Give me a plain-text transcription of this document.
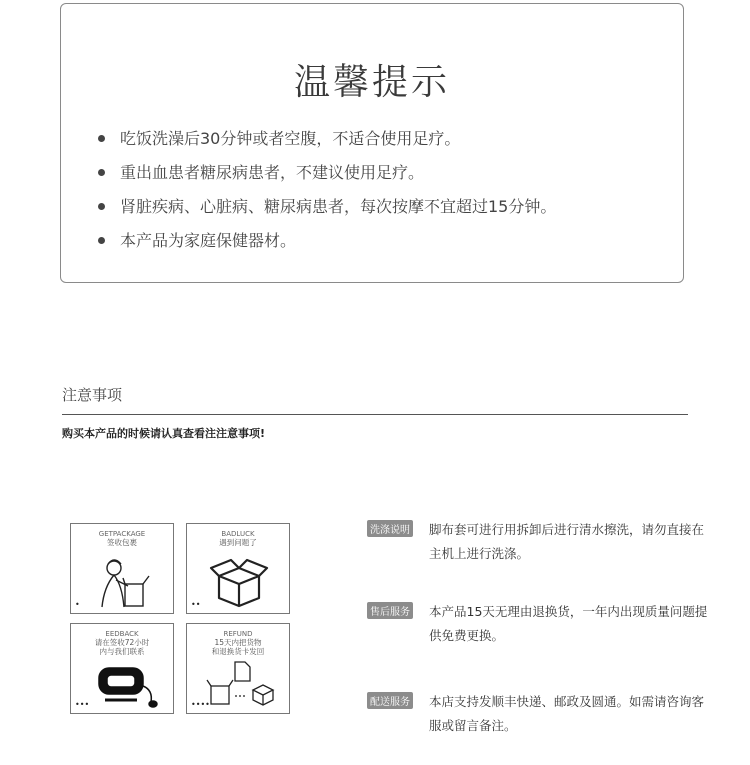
温馨提示
吃饭洗澡后30分钟或者空腹，不适合使用足疗。
重出血患者糖尿病患者，不建议使用足疗。
肾脏疾病、心脏病、糖尿病患者，每次按摩不宜超过15分钟。
本产品为家庭保健器材。
注意事项
购买本产品的时候请认真查看注注意事项!
GETPACKAGE
签收包裹
•
BADLUCK
遇到问题了
••
EEDBACK
请在签收72小时
内与我们联系
•••
REFUND
15天内把货物
和退换货卡发回
••••
洗涤说明 脚布套可进行用拆卸后进行清水擦洗，请勿直接在主机上进行洗涤。
售后服务 本产品15天无理由退换货，一年内出现质量问题提供免费更换。
配送服务 本店支持发顺丰快递、邮政及圆通。如需请咨询客服或留言备注。
